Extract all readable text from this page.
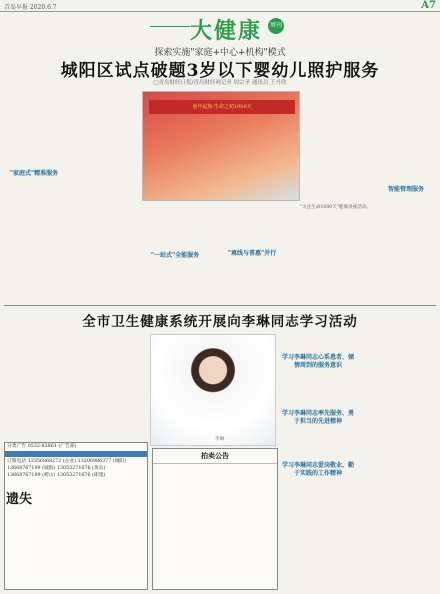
青岛早报 2020.6.7	A7
大健康	周刊
探索实施"家庭+中心+机构"模式
城阳区试点破题3岁以下婴幼儿照护服务
□青岛财经日报/青岛财经网记者 周宗圣 通讯员 王丹欣
童年起航·生命之初1000天
"关注生命1000天"健康讲座活动。
"家庭式"精准服务
"一站式"全能服务	"离线与普惠"并行
智能管理服务
全市卫生健康系统开展向李琳同志学习活动
李琳
学习李琳同志心系患者、倾情周到的服务意识
学习李琳同志率先服务、勇于担当的先进精神
学习李琳同志爱岗敬业、勤于实践的工作精神
分类广告 0532-82861 (广告部)
订版电话 13356868272 (企业) 13206986377 (城阳)
13668767199 (城阳) 13053271676 (黄岛)
13668767199 (崂山) 13053271676 (即墨)
遗失
拍卖公告
